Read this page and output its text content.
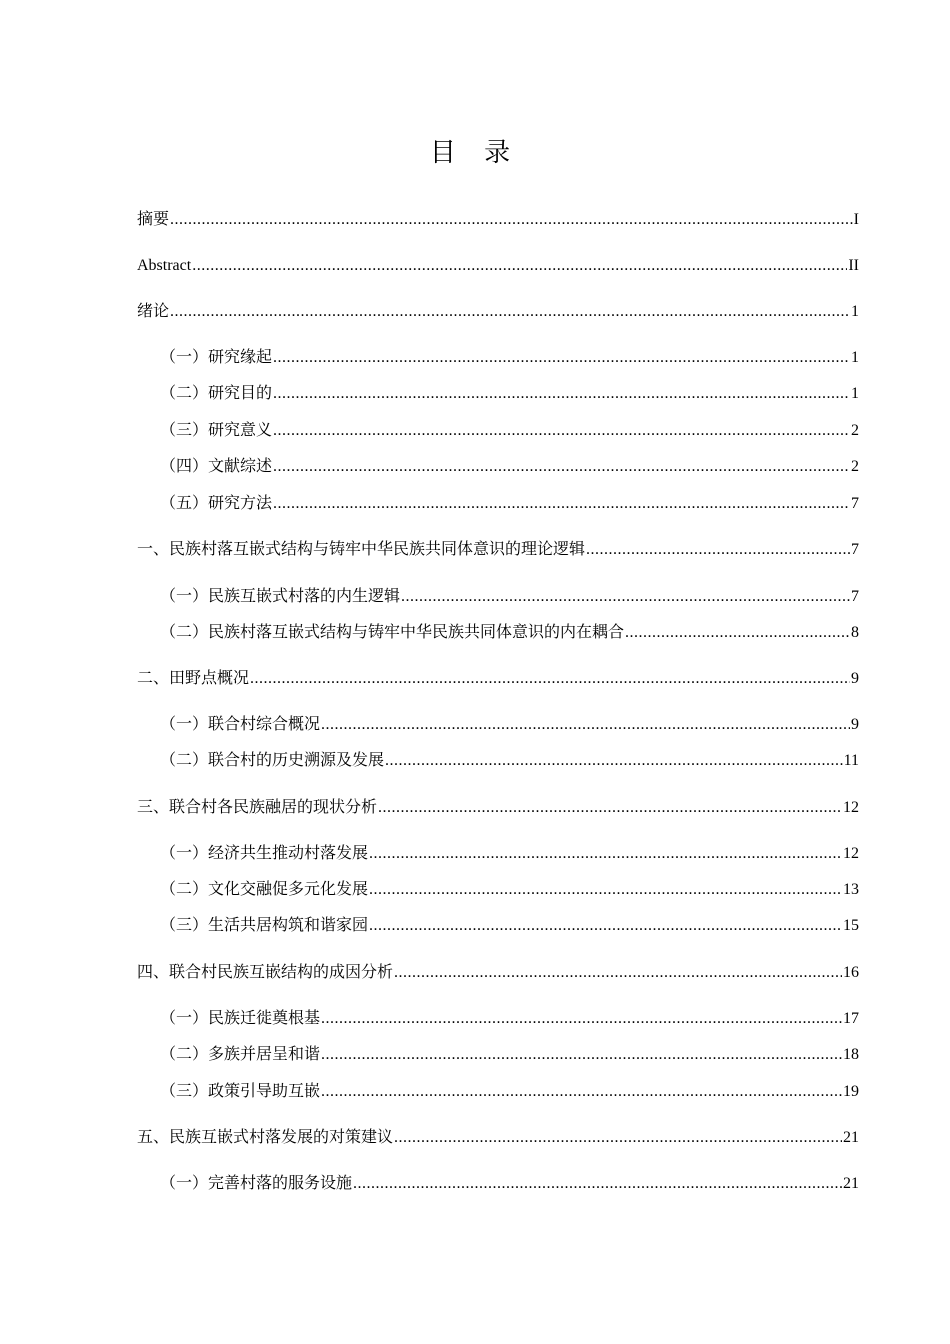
目 录
摘要 .....	I
Abstract .....	II
绪论 .....	1
（一）研究缘起 .....	1
（二）研究目的 .....	1
（三）研究意义 .....	2
（四）文献综述 .....	2
（五）研究方法 .....	7
一、民族村落互嵌式结构与铸牢中华民族共同体意识的理论逻辑 .....	7
（一）民族互嵌式村落的内生逻辑 .....	7
（二）民族村落互嵌式结构与铸牢中华民族共同体意识的内在耦合 .....	8
二、田野点概况 .....	9
（一）联合村综合概况 .....	9
（二）联合村的历史溯源及发展 .....	11
三、联合村各民族融居的现状分析 .....	12
（一）经济共生推动村落发展 .....	12
（二）文化交融促多元化发展 .....	13
（三）生活共居构筑和谐家园 .....	15
四、联合村民族互嵌结构的成因分析 .....	16
（一）民族迁徙奠根基 .....	17
（二）多族并居呈和谐 .....	18
（三）政策引导助互嵌 .....	19
五、民族互嵌式村落发展的对策建议 .....	21
（一）完善村落的服务设施 .....	21
